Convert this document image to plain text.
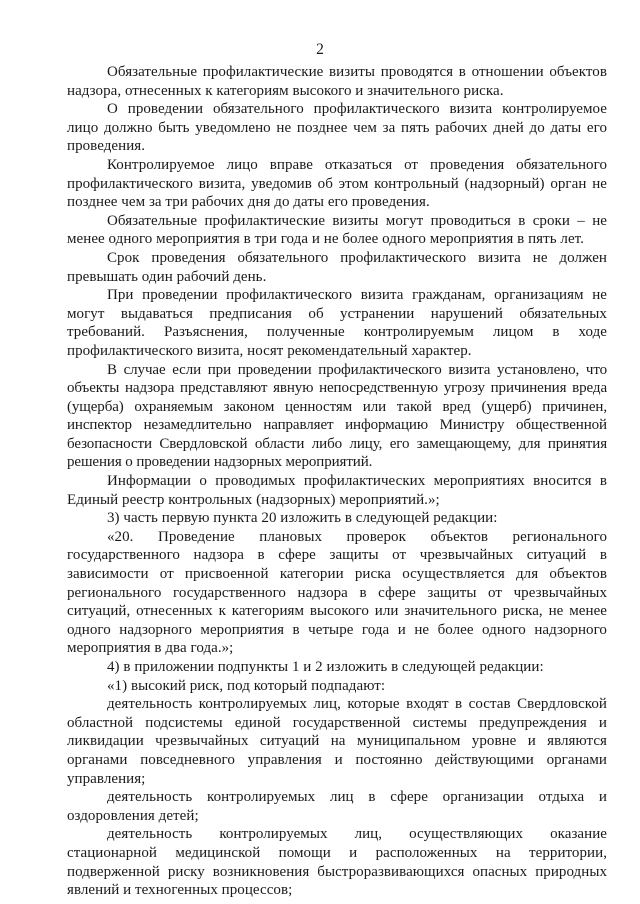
2

Обязательные профилактические визиты проводятся в отношении объектов надзора, отнесенных к категориям высокого и значительного риска.

О проведении обязательного профилактического визита контролируемое лицо должно быть уведомлено не позднее чем за пять рабочих дней до даты его проведения.

Контролируемое лицо вправе отказаться от проведения обязательного профилактического визита, уведомив об этом контрольный (надзорный) орган не позднее чем за три рабочих дня до даты его проведения.

Обязательные профилактические визиты могут проводиться в сроки – не менее одного мероприятия в три года и не более одного мероприятия в пять лет.

Срок проведения обязательного профилактического визита не должен превышать один рабочий день.

При проведении профилактического визита гражданам, организациям не могут выдаваться предписания об устранении нарушений обязательных требований. Разъяснения, полученные контролируемым лицом в ходе профилактического визита, носят рекомендательный характер.

В случае если при проведении профилактического визита установлено, что объекты надзора представляют явную непосредственную угрозу причинения вреда (ущерба) охраняемым законом ценностям или такой вред (ущерб) причинен, инспектор незамедлительно направляет информацию Министру общественной безопасности Свердловской области либо лицу, его замещающему, для принятия решения о проведении надзорных мероприятий.

Информации о проводимых профилактических мероприятиях вносится в Единый реестр контрольных (надзорных) мероприятий.»;

3) часть первую пункта 20 изложить в следующей редакции:

«20. Проведение плановых проверок объектов регионального государственного надзора в сфере защиты от чрезвычайных ситуаций в зависимости от присвоенной категории риска осуществляется для объектов регионального государственного надзора в сфере защиты от чрезвычайных ситуаций, отнесенных к категориям высокого или значительного риска, не менее одного надзорного мероприятия в четыре года и не более одного надзорного мероприятия в два года.»;

4) в приложении подпункты 1 и 2 изложить в следующей редакции:

«1) высокий риск, под который подпадают:

деятельность контролируемых лиц, которые входят в состав Свердловской областной подсистемы единой государственной системы предупреждения и ликвидации чрезвычайных ситуаций на муниципальном уровне и являются органами повседневного управления и постоянно действующими органами управления;

деятельность контролируемых лиц в сфере организации отдыха и оздоровления детей;

деятельность контролируемых лиц, осуществляющих оказание стационарной медицинской помощи и расположенных на территории, подверженной риску возникновения быстроразвивающихся опасных природных явлений и техногенных процессов;
